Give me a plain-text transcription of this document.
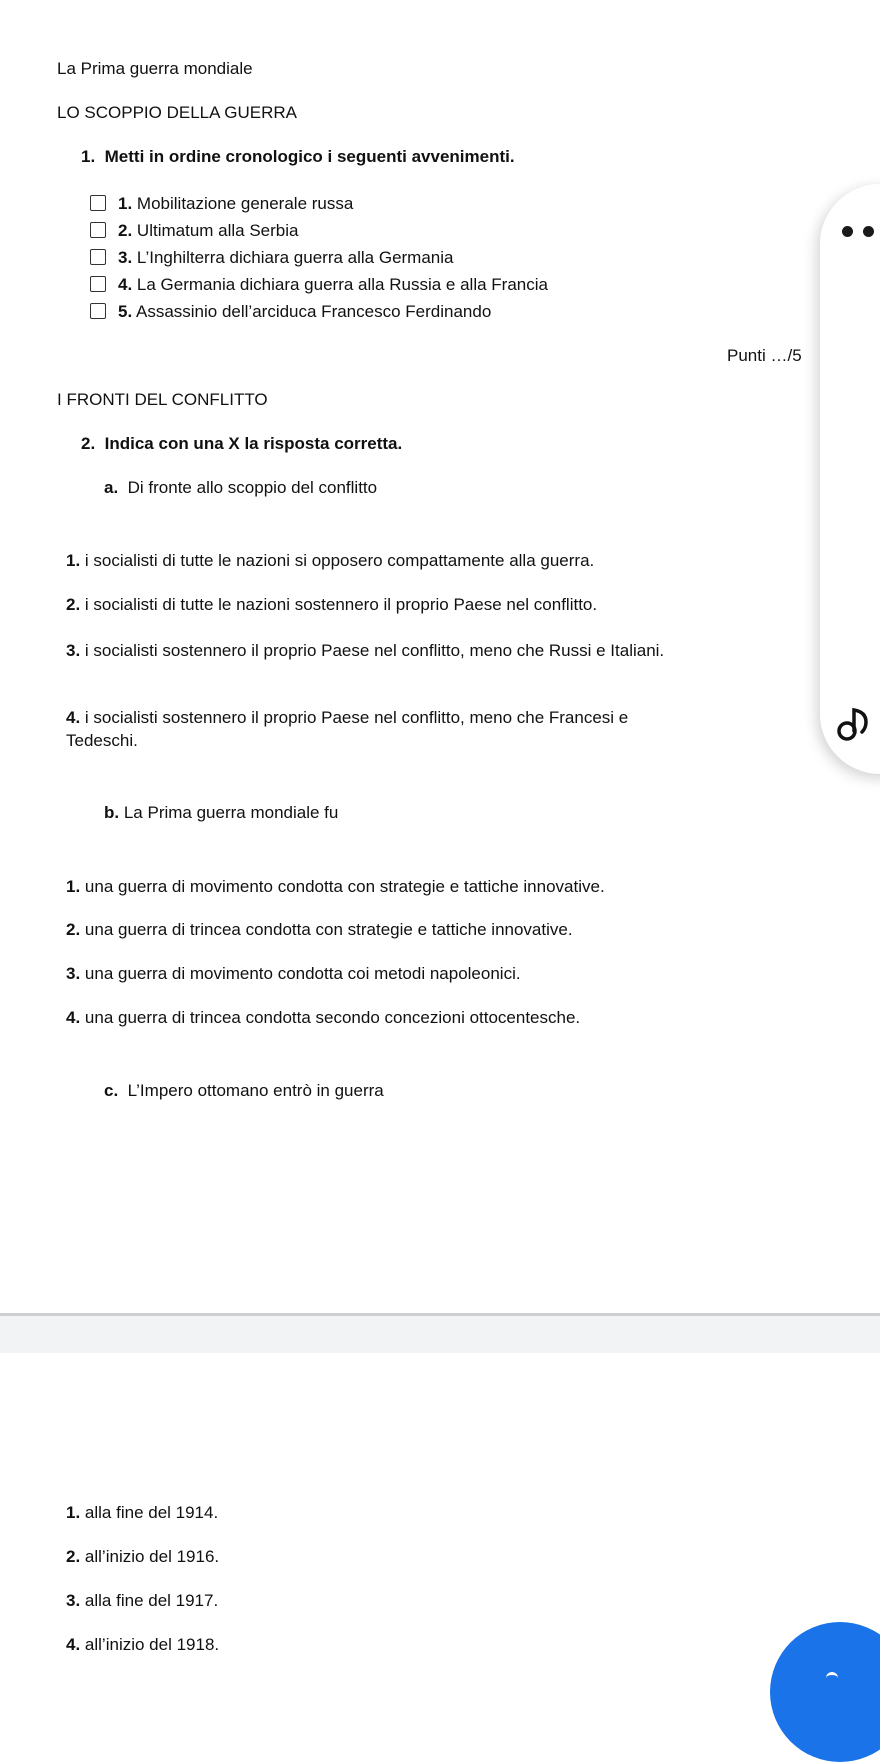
La Prima guerra mondiale
LO SCOPPIO DELLA GUERRA
1. Metti in ordine cronologico i seguenti avvenimenti.
1. Mobilitazione generale russa
2. Ultimatum alla Serbia
3. L’Inghilterra dichiara guerra alla Germania
4. La Germania dichiara guerra alla Russia e alla Francia
5. Assassinio dell’arciduca Francesco Ferdinando
Punti …/5
I FRONTI DEL CONFLITTO
2. Indica con una X la risposta corretta.
a. Di fronte allo scoppio del conflitto
1. i socialisti di tutte le nazioni si opposero compattamente alla guerra.
2. i socialisti di tutte le nazioni sostennero il proprio Paese nel conflitto.
3. i socialisti sostennero il proprio Paese nel conflitto, meno che Russi e Italiani.
4. i socialisti sostennero il proprio Paese nel conflitto, meno che Francesi e Tedeschi.
b. La Prima guerra mondiale fu
1. una guerra di movimento condotta con strategie e tattiche innovative.
2. una guerra di trincea condotta con strategie e tattiche innovative.
3. una guerra di movimento condotta coi metodi napoleonici.
4. una guerra di trincea condotta secondo concezioni ottocentesche.
c. L’Impero ottomano entrò in guerra
1. alla fine del 1914.
2. all’inizio del 1916.
3. alla fine del 1917.
4. all’inizio del 1918.
